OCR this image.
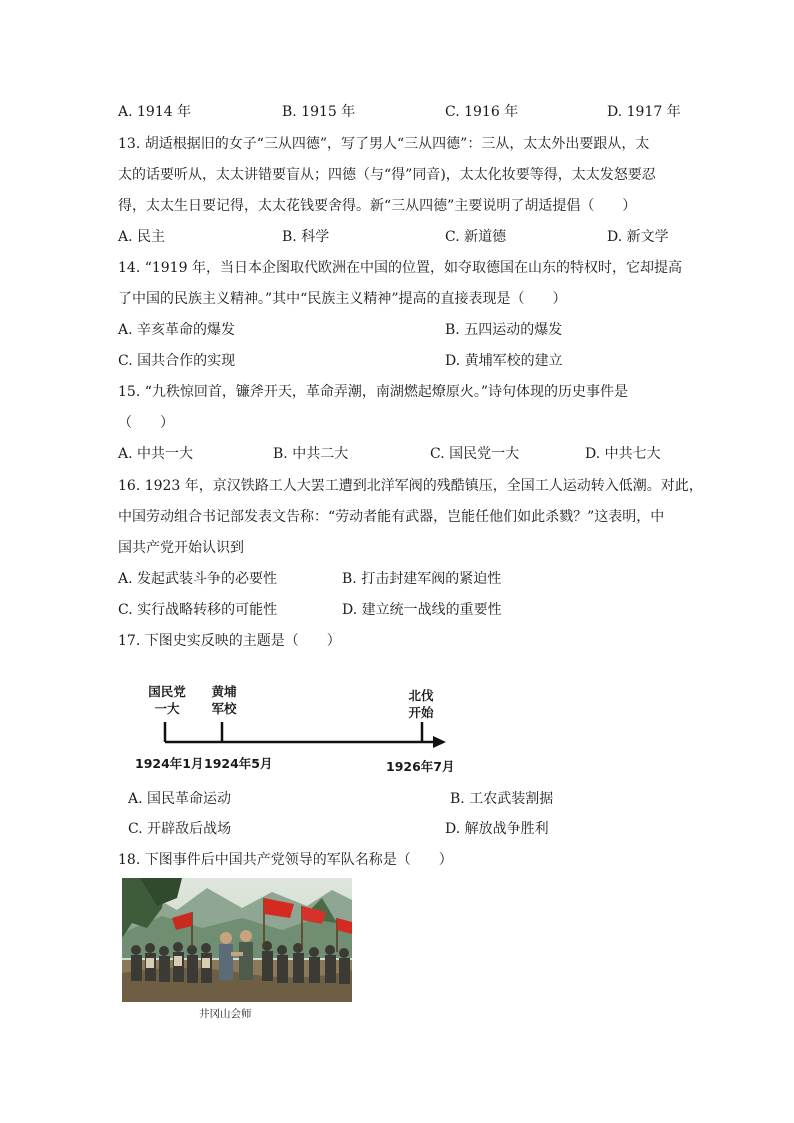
A. 1914 年	B. 1915 年	C. 1916 年	D. 1917 年
13. 胡适根据旧的女子“三从四德”，写了男人“三从四德”：三从，太太外出要跟从，太
太的话要听从，太太讲错要盲从；四德（与“得”同音)，太太化妆要等得，太太发怒要忍
得，太太生日要记得，太太花钱要舍得。新“三从四德”主要说明了胡适提倡（　　）
A. 民主	B. 科学	C. 新道德	D. 新文学
14. “1919 年，当日本企图取代欧洲在中国的位置，如夺取德国在山东的特权时，它却提高
了中国的民族主义精神。”其中“民族主义精神”提高的直接表现是（　　）
A. 辛亥革命的爆发	B. 五四运动的爆发
C. 国共合作的实现	D. 黄埔军校的建立
15. “九秩惊回首，镰斧开天，革命弄潮，南湖燃起燎原火。”诗句体现的历史事件是
（　　）
A. 中共一大	B. 中共二大	C. 国民党一大	D. 中共七大
16. 1923 年，京汉铁路工人大罢工遭到北洋军阀的残酷镇压，全国工人运动转入低潮。对此，
中国劳动组合书记部发表文告称：“劳动者能有武器，岂能任他们如此杀戮？”这表明，中
国共产党开始认识到
A. 发起武装斗争的必要性	B. 打击封建军阀的紧迫性
C. 实行战略转移的可能性	D. 建立统一战线的重要性
17. 下图史实反映的主题是（　　）
国民党
一大
黄埔
军校
北伐
开始
1924年1月 1924年5月	1926年7月
A. 国民革命运动	B. 工农武装割据
C. 开辟敌后战场	D. 解放战争胜利
18. 下图事件后中国共产党领导的军队名称是（　　）
井冈山会师
